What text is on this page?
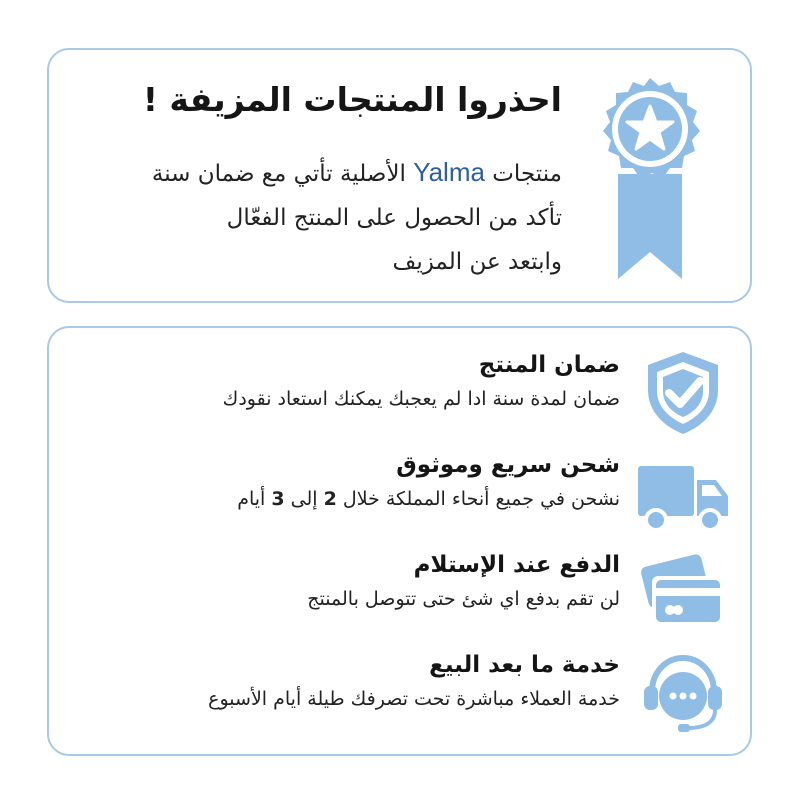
احذروا المنتجات المزيفة !
منتجات Yalma الأصلية تأتي مع ضمان سنة
تأكد من الحصول على المنتج الفعّال
وابتعد عن المزيف
ضمان المنتج
ضمان لمدة سنة ادا لم يعجبك يمكنك استعاد نقودك
شحن سريع وموثوق
نشحن في جميع أنحاء المملكة خلال 2 إلى 3 أيام
الدفع عند الإستلام
لن تقم بدفع اي شئ حتى تتوصل بالمنتج
خدمة ما بعد البيع
خدمة العملاء مباشرة تحت تصرفك طيلة أيام الأسبوع
